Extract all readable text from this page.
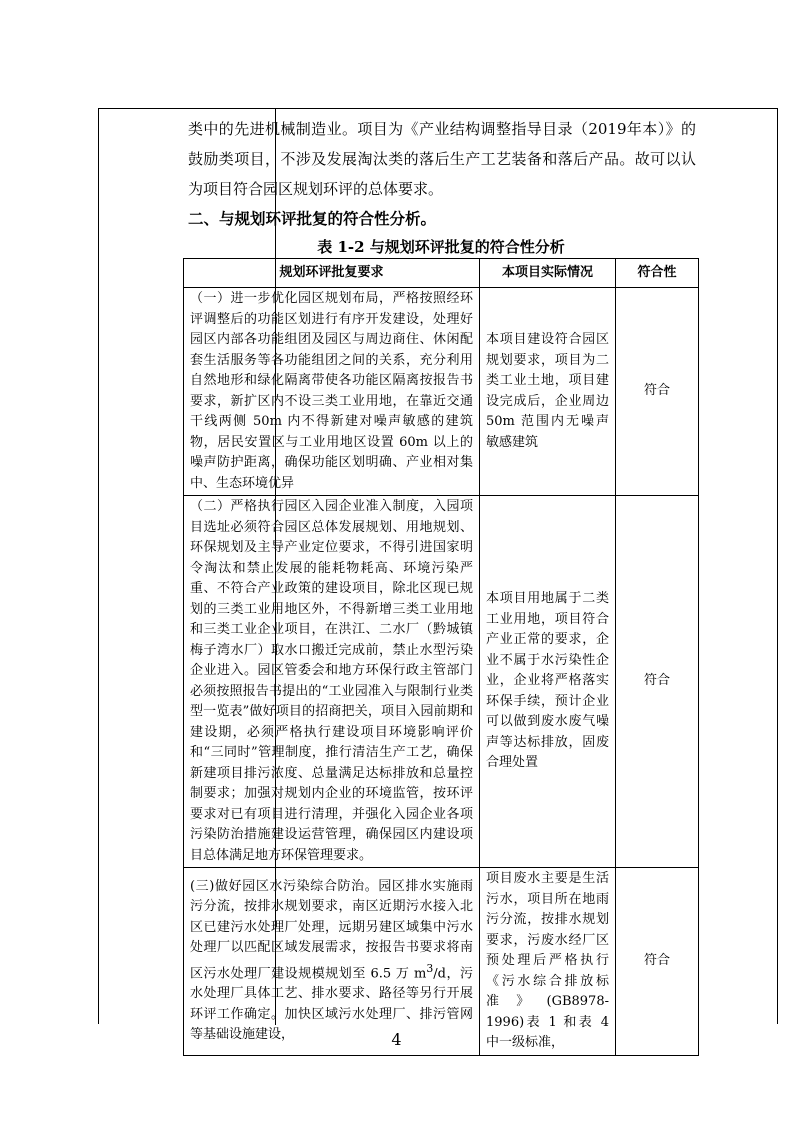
类中的先进机械制造业。项目为《产业结构调整指导目录（2019年本）》的鼓励类项目，不涉及发展淘汰类的落后生产工艺装备和落后产品。故可以认为项目符合园区规划环评的总体要求。

二、与规划环评批复的符合性分析。
表 1-2 与规划环评批复的符合性分析
规划环评批复要求	本项目实际情况	符合性
（一）进一步优化园区规划布局，严格按照经环评调整后的功能区划进行有序开发建设，处理好园区内部各功能组团及园区与周边商住、休闲配套生活服务等各功能组团之间的关系，充分利用自然地形和绿化隔离带使各功能区隔离按报告书要求，新扩区内不设三类工业用地，在靠近交通干线两侧 50m 内不得新建对噪声敏感的建筑物，居民安置区与工业用地区设置 60m 以上的噪声防护距离，确保功能区划明确、产业相对集中、生态环境优异	本项目建设符合园区规划要求，项目为二类工业土地，项目建设完成后，企业周边 50m 范围内无噪声敏感建筑	符合
（二）严格执行园区入园企业准入制度，入园项目选址必须符合园区总体发展规划、用地规划、环保规划及主导产业定位要求，不得引进国家明令淘汰和禁止发展的能耗物耗高、环境污染严重、不符合产业政策的建设项目，除北区现已规划的三类工业用地区外，不得新增三类工业用地和三类工业企业项目，在洪江、二水厂（黔城镇梅子湾水厂）取水口搬迁完成前，禁止水型污染企业进入。园区管委会和地方环保行政主管部门必须按照报告书提出的“工业园准入与限制行业类型一览表”做好项目的招商把关，项目入园前期和建设期，必须严格执行建设项目环境影响评价和“三同时”管理制度，推行清洁生产工艺，确保新建项目排污浓度、总量满足达标排放和总量控制要求；加强对规划内企业的环境监管，按环评要求对已有项目进行清理，并强化入园企业各项污染防治措施建设运营管理，确保园区内建设项目总体满足地方环保管理要求。	本项目用地属于二类工业用地，项目符合产业正常的要求，企业不属于水污染性企业，企业将严格落实环保手续，预计企业可以做到废水废气噪声等达标排放，固废合理处置	符合
(三)做好园区水污染综合防治。园区排水实施雨污分流，按排水规划要求，南区近期污水接入北区已建污水处理厂处理，远期另建区域集中污水处理厂以匹配区域发展需求，按报告书要求将南区污水处理厂建设规模规划至 6.5 万 $m^3/d$，污水处理厂具体工艺、排水要求、路径等另行开展环评工作确定。加快区域污水处理厂、排污管网等基础设施建设，	项目废水主要是生活污水，项目所在地雨污分流，按排水规划要求，污废水经厂区预处理后严格执行《污水综合排放标准》(GB8978-1996)表 1 和表 4 中一级标准，	符合
4
